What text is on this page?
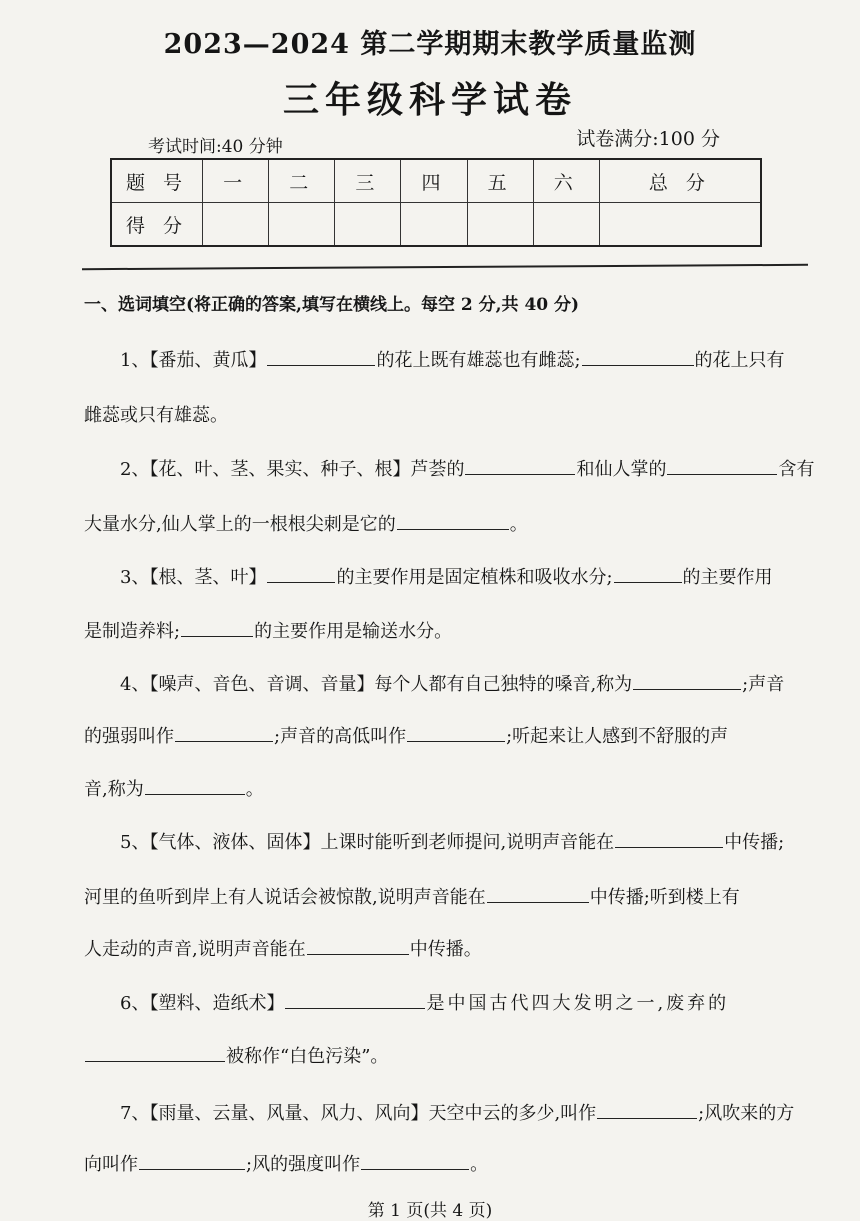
2023—2024 第二学期期末教学质量监测
三年级科学试卷
考试时间:40 分钟	试卷满分:100 分
题 号	一	二	三	四	五	六	总 分
得 分							
一、选词填空(将正确的答案,填写在横线上。每空 2 分,共 40 分)
1、【番茄、黄瓜】	的花上既有雄蕊也有雌蕊;	的花上只有
雌蕊或只有雄蕊。
2、【花、叶、茎、果实、种子、根】芦荟的	和仙人掌的	含有
大量水分,仙人掌上的一根根尖刺是它的	。
3、【根、茎、叶】	的主要作用是固定植株和吸收水分;	的主要作用
是制造养料;	的主要作用是输送水分。
4、【噪声、音色、音调、音量】每个人都有自己独特的嗓音,称为	;声音
的强弱叫作	;声音的高低叫作	;听起来让人感到不舒服的声
音,称为	。
5、【气体、液体、固体】上课时能听到老师提问,说明声音能在	中传播;
河里的鱼听到岸上有人说话会被惊散,说明声音能在	中传播;听到楼上有
人走动的声音,说明声音能在	中传播。
6、【塑料、造纸术】	是中国古代四大发明之一,废弃的
被称作“白色污染”。
7、【雨量、云量、风量、风力、风向】天空中云的多少,叫作	;风吹来的方
向叫作	;风的强度叫作	。
第 1 页(共 4 页)
